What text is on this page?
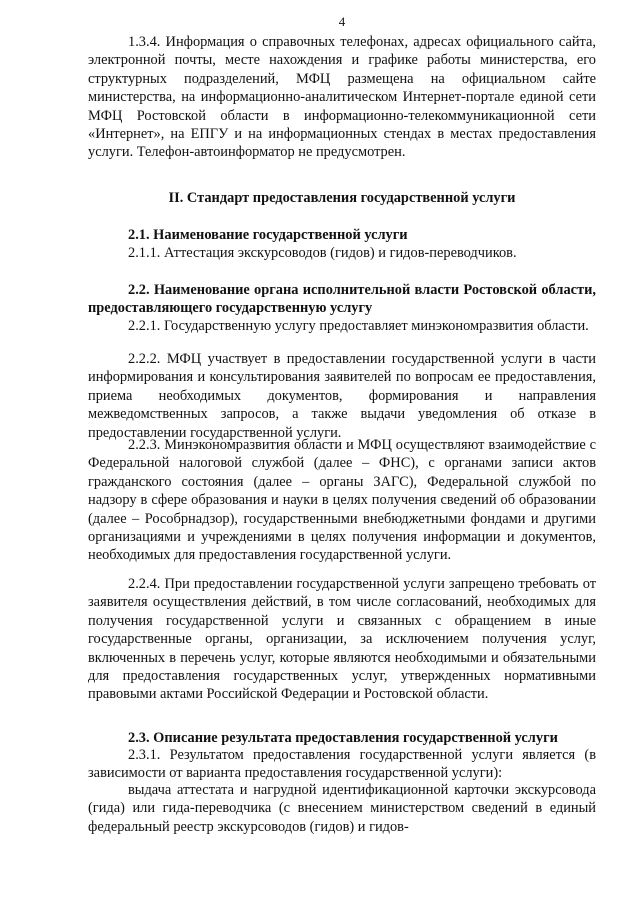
4

1.3.4. Информация о справочных телефонах, адресах официального сайта, электронной почты, месте нахождения и графике работы министерства, его структурных подразделений, МФЦ размещена на официальном сайте министерства, на информационно-аналитическом Интернет-портале единой сети МФЦ Ростовской области в информационно-телекоммуникационной сети «Интернет», на ЕПГУ и на информационных стендах в местах предоставления услуги. Телефон-автоинформатор не предусмотрен.

II. Стандарт предоставления государственной услуги

2.1. Наименование государственной услуги

2.1.1. Аттестация экскурсоводов (гидов) и гидов-переводчиков.

2.2. Наименование органа исполнительной власти Ростовской области, предоставляющего государственную услугу

2.2.1. Государственную услугу предоставляет минэкономразвития области.

2.2.2. МФЦ участвует в предоставлении государственной услуги в части информирования и консультирования заявителей по вопросам ее предоставления, приема необходимых документов, формирования и направления межведомственных запросов, а также выдачи уведомления об отказе в предоставлении государственной услуги.

2.2.3. Минэкономразвития области и МФЦ осуществляют взаимодействие с Федеральной налоговой службой (далее – ФНС), с органами записи актов гражданского состояния (далее – органы ЗАГС), Федеральной службой по надзору в сфере образования и науки в целях получения сведений об образовании (далее – Рособрнадзор), государственными внебюджетными фондами и другими организациями и учреждениями в целях получения информации и документов, необходимых для предоставления государственной услуги.

2.2.4. При предоставлении государственной услуги запрещено требовать от заявителя осуществления действий, в том числе согласований, необходимых для получения государственной услуги и связанных с обращением в иные государственные органы, организации, за исключением получения услуг, включенных в перечень услуг, которые являются необходимыми и обязательными для предоставления государственных услуг, утвержденных нормативными правовыми актами Российской Федерации и Ростовской области.

2.3. Описание результата предоставления государственной услуги

2.3.1. Результатом предоставления государственной услуги является (в зависимости от варианта предоставления государственной услуги):

выдача аттестата и нагрудной идентификационной карточки экскурсовода (гида) или гида-переводчика (с внесением министерством сведений в единый федеральный реестр экскурсоводов (гидов) и гидов-
